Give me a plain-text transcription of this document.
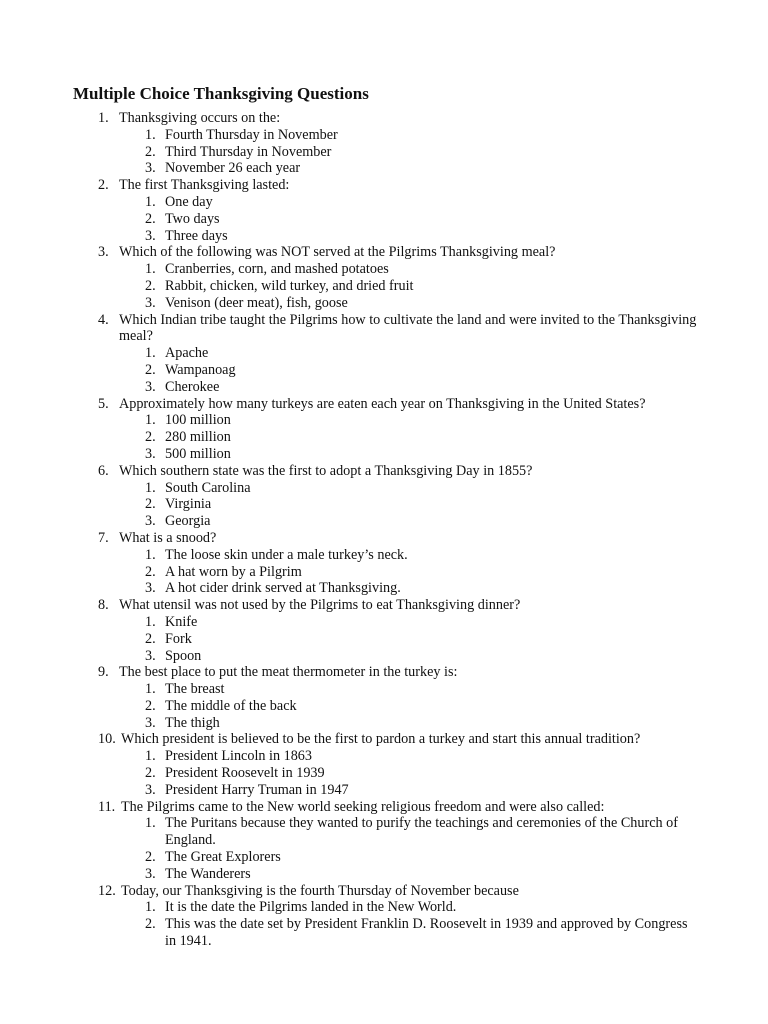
Multiple Choice Thanksgiving Questions
1. Thanksgiving occurs on the:
1. Fourth Thursday in November
2. Third Thursday in November
3. November 26 each year
2. The first Thanksgiving lasted:
1. One day
2. Two days
3. Three days
3. Which of the following was NOT served at the Pilgrims Thanksgiving meal?
1. Cranberries, corn, and mashed potatoes
2. Rabbit, chicken, wild turkey, and dried fruit
3. Venison (deer meat), fish, goose
4. Which Indian tribe taught the Pilgrims how to cultivate the land and were invited to the Thanksgiving meal?
1. Apache
2. Wampanoag
3. Cherokee
5. Approximately how many turkeys are eaten each year on Thanksgiving in the United States?
1. 100 million
2. 280 million
3. 500 million
6. Which southern state was the first to adopt a Thanksgiving Day in 1855?
1. South Carolina
2. Virginia
3. Georgia
7. What is a snood?
1. The loose skin under a male turkey’s neck.
2. A hat worn by a Pilgrim
3. A hot cider drink served at Thanksgiving.
8. What utensil was not used by the Pilgrims to eat Thanksgiving dinner?
1. Knife
2. Fork
3. Spoon
9. The best place to put the meat thermometer in the turkey is:
1. The breast
2. The middle of the back
3. The thigh
10. Which president is believed to be the first to pardon a turkey and start this annual tradition?
1. President Lincoln in 1863
2. President Roosevelt in 1939
3. President Harry Truman in 1947
11. The Pilgrims came to the New world seeking religious freedom and were also called:
1. The Puritans because they wanted to purify the teachings and ceremonies of the Church of England.
2. The Great Explorers
3. The Wanderers
12. Today, our Thanksgiving is the fourth Thursday of November because
1. It is the date the Pilgrims landed in the New World.
2. This was the date set by President Franklin D. Roosevelt in 1939 and approved by Congress in 1941.
